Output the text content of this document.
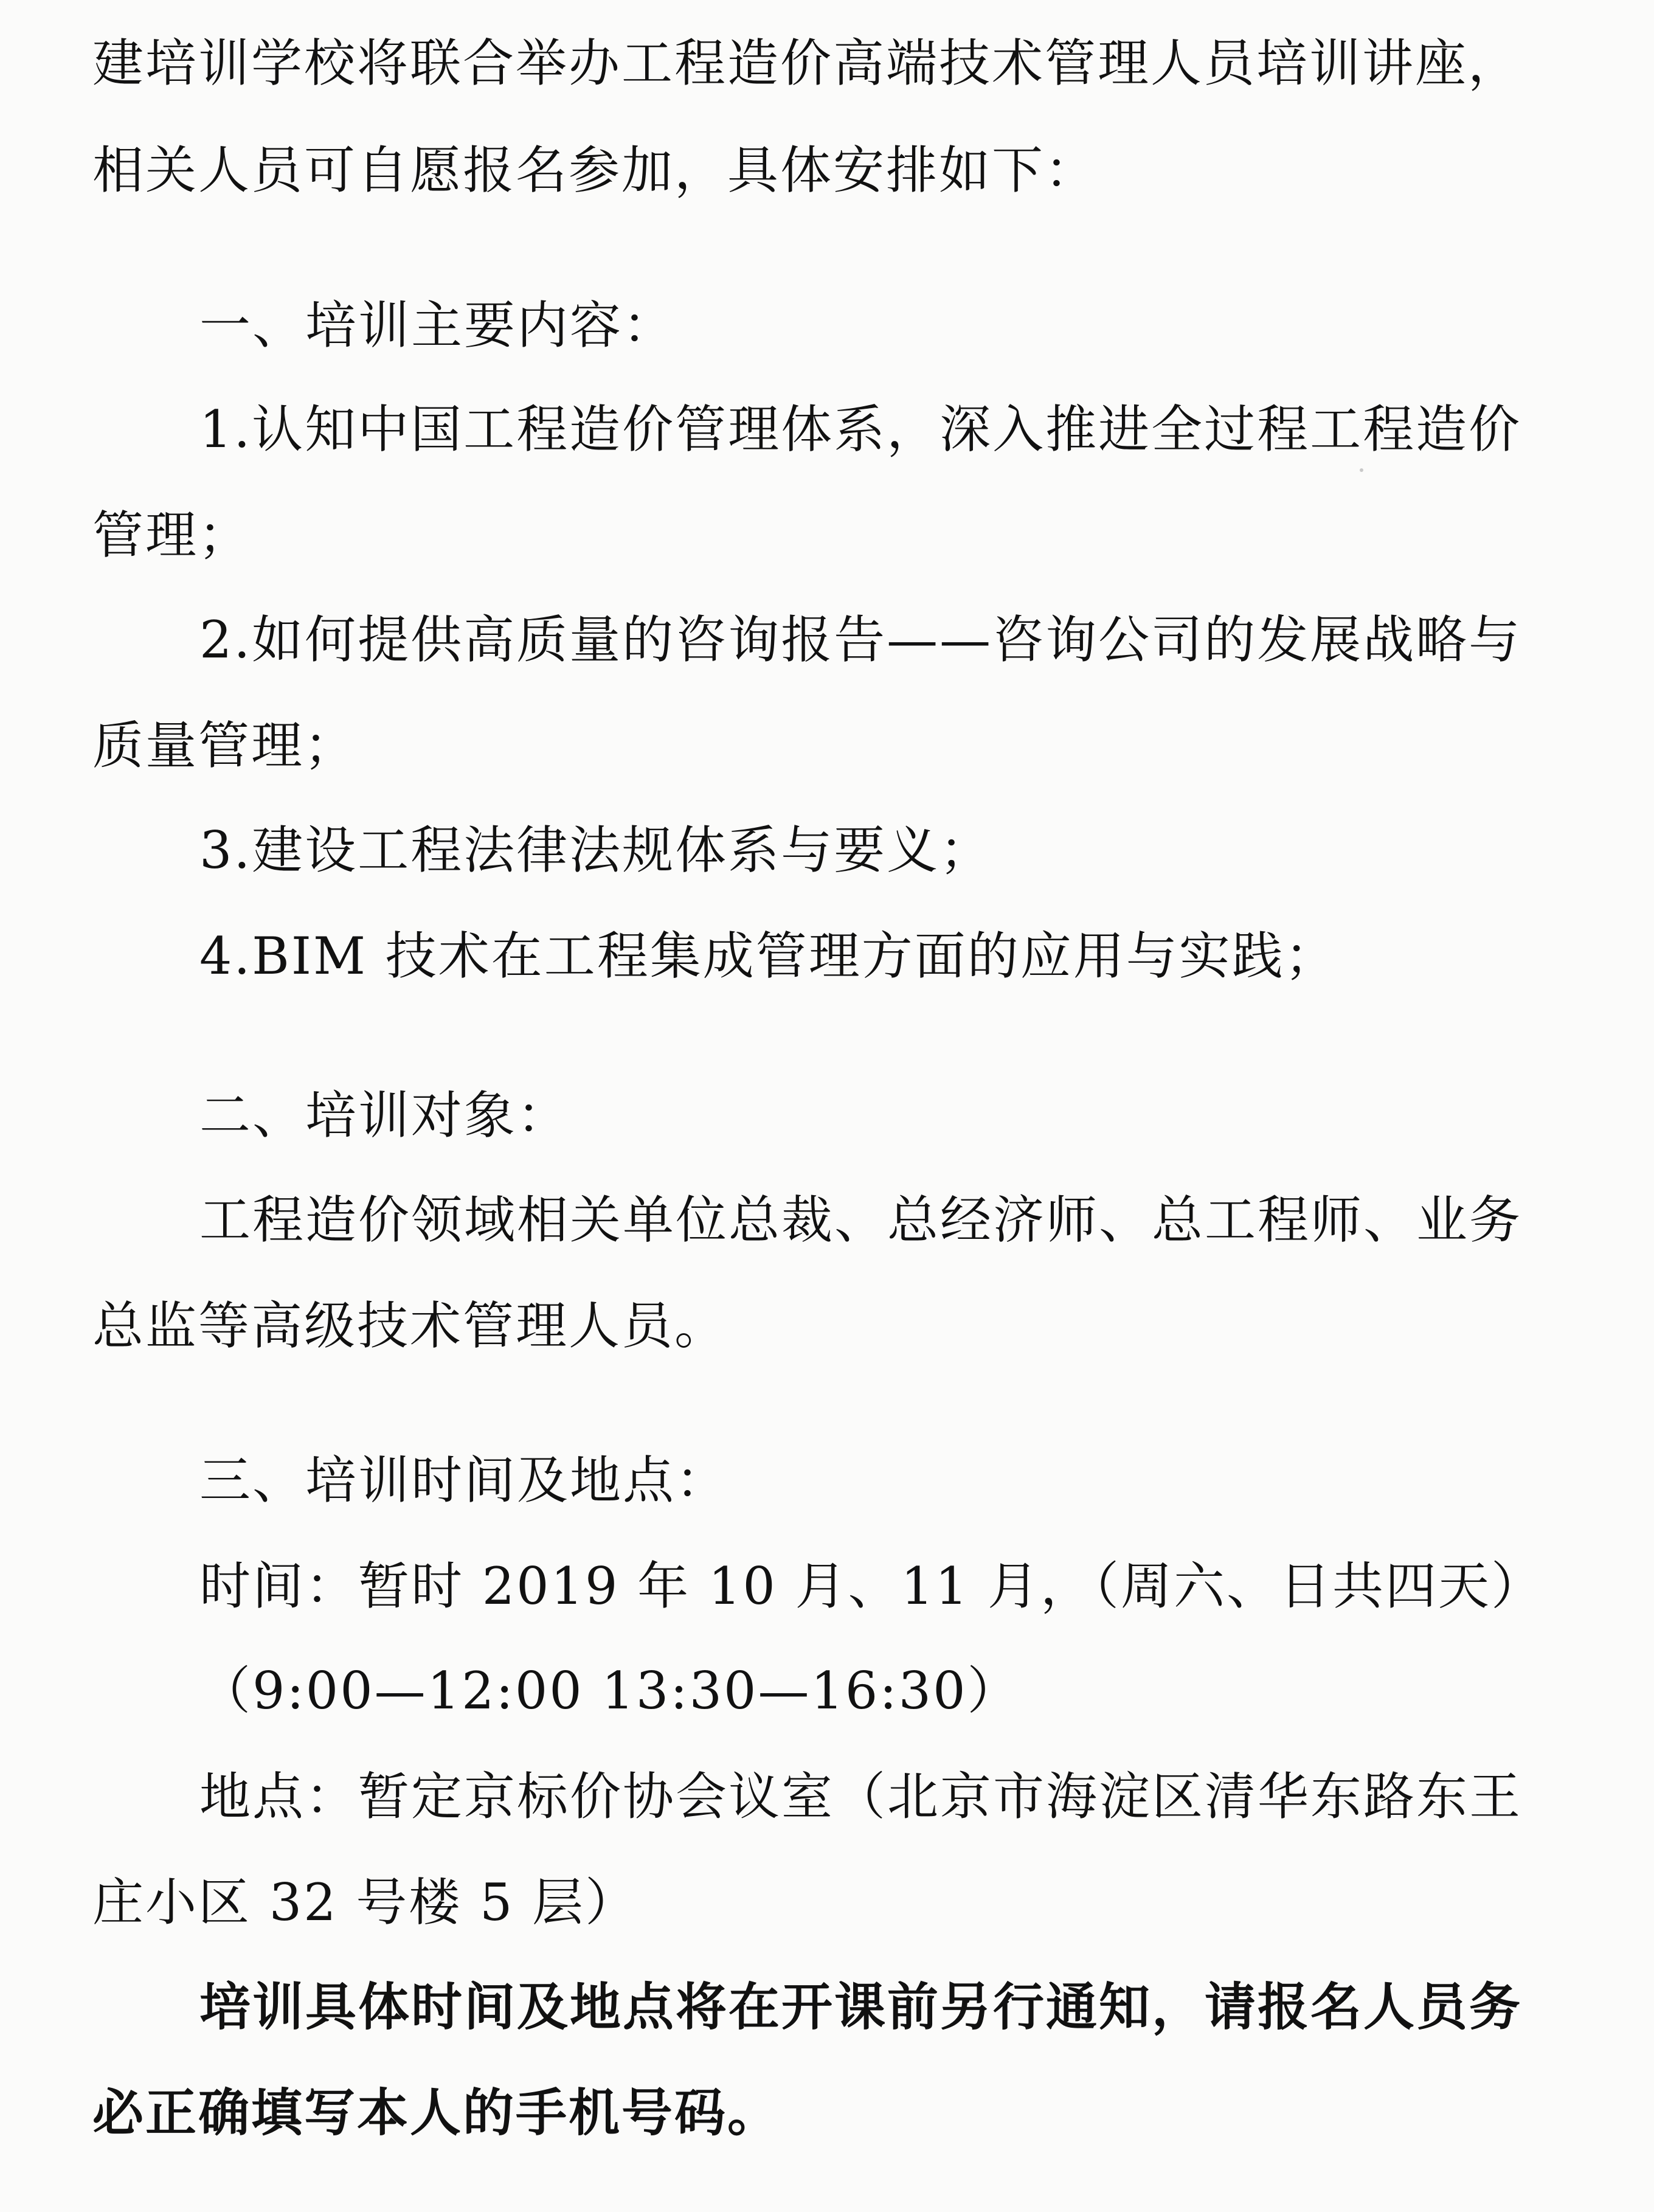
建培训学校将联合举办工程造价高端技术管理人员培训讲座，
相关人员可自愿报名参加，具体安排如下：
一、培训主要内容：
1.认知中国工程造价管理体系，深入推进全过程工程造价
管理；
2.如何提供高质量的咨询报告——咨询公司的发展战略与
质量管理；
3.建设工程法律法规体系与要义；
4.BIM 技术在工程集成管理方面的应用与实践；
二、培训对象：
工程造价领域相关单位总裁、总经济师、总工程师、业务
总监等高级技术管理人员。
三、培训时间及地点：
时间：暂时 2019 年 10 月、11 月，（周六、日共四天）
（9:00—12:00 13:30—16:30）
地点：暂定京标价协会议室（北京市海淀区清华东路东王
庄小区 32 号楼 5 层）
培训具体时间及地点将在开课前另行通知，请报名人员务
必正确填写本人的手机号码。
